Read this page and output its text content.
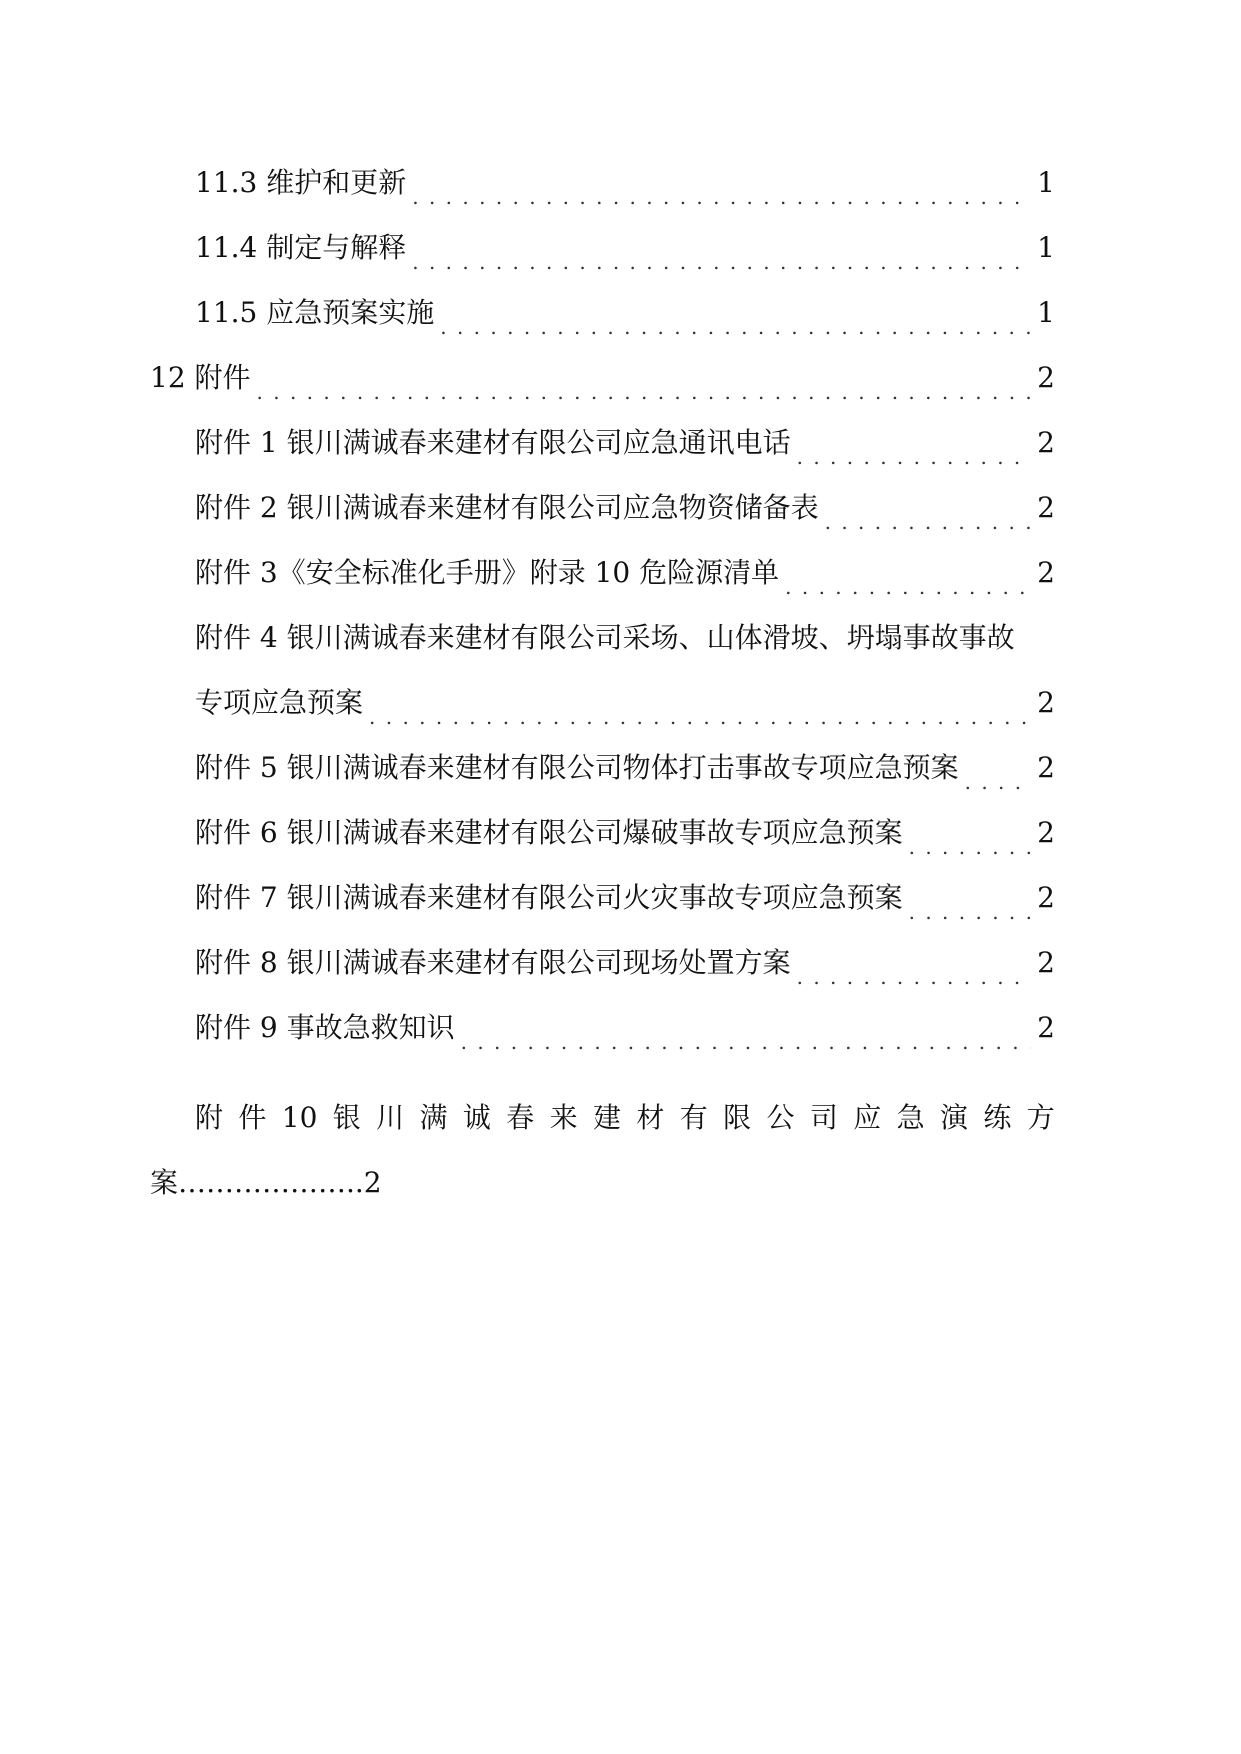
11.3 维护和更新 . . .	1
11.4 制定与解释 . . .	1
11.5 应急预案实施 . . .	1
12 附件 . . .	2
附件 1 银川满诚春来建材有限公司应急通讯电话 . . .	2
附件 2 银川满诚春来建材有限公司应急物资储备表 . . .	2
附件 3《安全标准化手册》附录 10 危险源清单 . . .	2
附件 4 银川满诚春来建材有限公司采场、山体滑坡、坍塌事故事故
专项应急预案 . . .	2
附件 5 银川满诚春来建材有限公司物体打击事故专项应急预案 . . .	2
附件 6 银川满诚春来建材有限公司爆破事故专项应急预案 . . .	2
附件 7 银川满诚春来建材有限公司火灾事故专项应急预案 . . .	2
附件 8 银川满诚春来建材有限公司现场处置方案 . . .	2
附件 9 事故急救知识 . . .	2
附 件 10 银 川 满 诚 春 来 建 材 有 限 公 司 应 急 演 练 方
案………………..2
